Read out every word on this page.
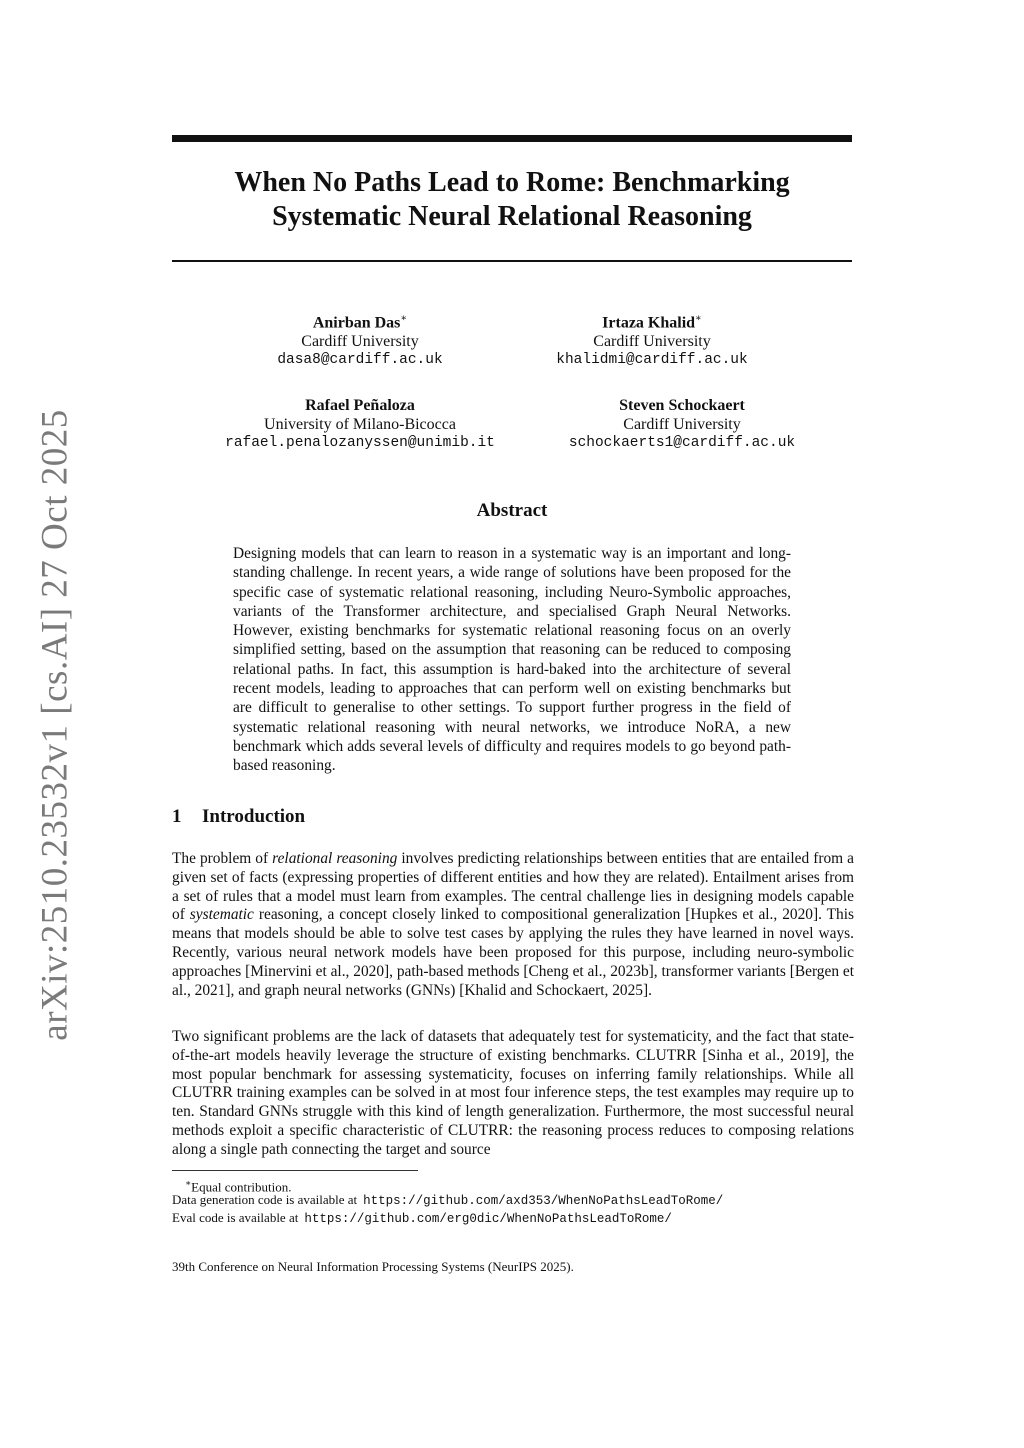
arXiv:2510.23532v1 [cs.AI] 27 Oct 2025
When No Paths Lead to Rome: Benchmarking
Systematic Neural Relational Reasoning
Anirban Das∗
Cardiff University
dasa8@cardiff.ac.uk
Irtaza Khalid∗
Cardiff University
khalidmi@cardiff.ac.uk
Rafael Peñaloza
University of Milano-Bicocca
rafael.penalozanyssen@unimib.it
Steven Schockaert
Cardiff University
schockaerts1@cardiff.ac.uk
Abstract
Designing models that can learn to reason in a systematic way is an important and long-standing challenge. In recent years, a wide range of solutions have been proposed for the specific case of systematic relational reasoning, including Neuro-Symbolic approaches, variants of the Transformer architecture, and specialised Graph Neural Networks. However, existing benchmarks for systematic relational reasoning focus on an overly simplified setting, based on the assumption that reasoning can be reduced to composing relational paths. In fact, this assumption is hard-baked into the architecture of several recent models, leading to approaches that can perform well on existing benchmarks but are difficult to generalise to other settings. To support further progress in the field of systematic relational reasoning with neural networks, we introduce NoRA, a new benchmark which adds several levels of difficulty and requires models to go beyond path-based reasoning.
1 Introduction
The problem of relational reasoning involves predicting relationships between entities that are entailed from a given set of facts (expressing properties of different entities and how they are related). Entailment arises from a set of rules that a model must learn from examples. The central challenge lies in designing models capable of systematic reasoning, a concept closely linked to compositional generalization [Hupkes et al., 2020]. This means that models should be able to solve test cases by applying the rules they have learned in novel ways. Recently, various neural network models have been proposed for this purpose, including neuro-symbolic approaches [Minervini et al., 2020], path-based methods [Cheng et al., 2023b], transformer variants [Bergen et al., 2021], and graph neural networks (GNNs) [Khalid and Schockaert, 2025].
Two significant problems are the lack of datasets that adequately test for systematicity, and the fact that state-of-the-art models heavily leverage the structure of existing benchmarks. CLUTRR [Sinha et al., 2019], the most popular benchmark for assessing systematicity, focuses on inferring family relationships. While all CLUTRR training examples can be solved in at most four inference steps, the test examples may require up to ten. Standard GNNs struggle with this kind of length generalization. Furthermore, the most successful neural methods exploit a specific characteristic of CLUTRR: the reasoning process reduces to composing relations along a single path connecting the target and source
∗Equal contribution.
Data generation code is available at https://github.com/axd353/WhenNoPathsLeadToRome/
Eval code is available at https://github.com/erg0dic/WhenNoPathsLeadToRome/
39th Conference on Neural Information Processing Systems (NeurIPS 2025).
